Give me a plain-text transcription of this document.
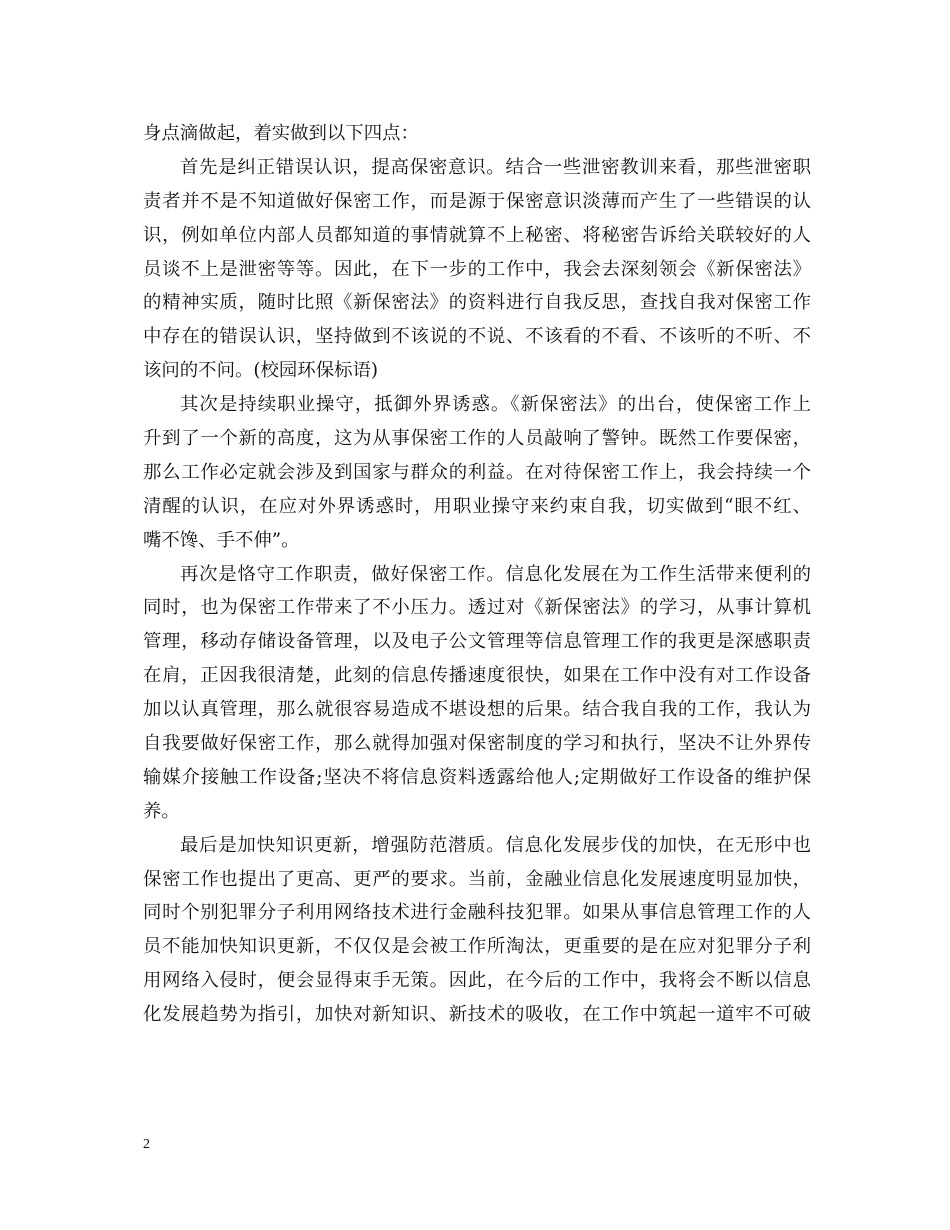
身点滴做起，着实做到以下四点：
首先是纠正错误认识，提高保密意识。结合一些泄密教训来看，那些泄密职
责者并不是不知道做好保密工作，而是源于保密意识淡薄而产生了一些错误的认
识，例如单位内部人员都知道的事情就算不上秘密、将秘密告诉给关联较好的人
员谈不上是泄密等等。因此，在下一步的工作中，我会去深刻领会《新保密法》
的精神实质，随时比照《新保密法》的资料进行自我反思，查找自我对保密工作
中存在的错误认识，坚持做到不该说的不说、不该看的不看、不该听的不听、不
该问的不问。(校园环保标语)
其次是持续职业操守，抵御外界诱惑。《新保密法》的出台，使保密工作上
升到了一个新的高度，这为从事保密工作的人员敲响了警钟。既然工作要保密，
那么工作必定就会涉及到国家与群众的利益。在对待保密工作上，我会持续一个
清醒的认识，在应对外界诱惑时，用职业操守来约束自我，切实做到“眼不红、
嘴不馋、手不伸”。
再次是恪守工作职责，做好保密工作。信息化发展在为工作生活带来便利的
同时，也为保密工作带来了不小压力。透过对《新保密法》的学习，从事计算机
管理，移动存储设备管理，以及电子公文管理等信息管理工作的我更是深感职责
在肩，正因我很清楚，此刻的信息传播速度很快，如果在工作中没有对工作设备
加以认真管理，那么就很容易造成不堪设想的后果。结合我自我的工作，我认为
自我要做好保密工作，那么就得加强对保密制度的学习和执行，坚决不让外界传
输媒介接触工作设备;坚决不将信息资料透露给他人;定期做好工作设备的维护保
养。
最后是加快知识更新，增强防范潜质。信息化发展步伐的加快，在无形中也
保密工作也提出了更高、更严的要求。当前，金融业信息化发展速度明显加快，
同时个别犯罪分子利用网络技术进行金融科技犯罪。如果从事信息管理工作的人
员不能加快知识更新，不仅仅是会被工作所淘汰，更重要的是在应对犯罪分子利
用网络入侵时，便会显得束手无策。因此，在今后的工作中，我将会不断以信息
化发展趋势为指引，加快对新知识、新技术的吸收，在工作中筑起一道牢不可破
2
